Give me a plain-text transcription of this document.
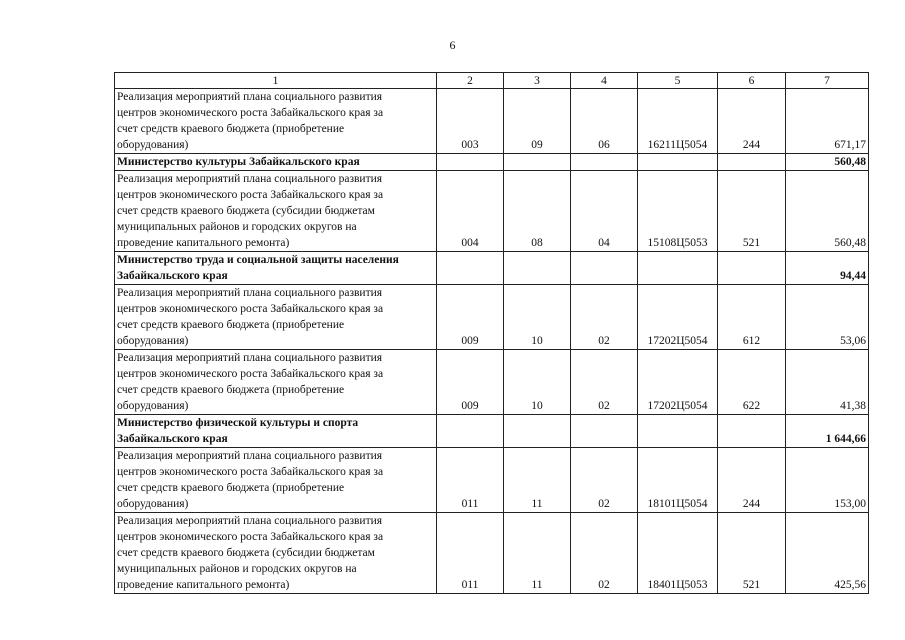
6
1	2	3	4	5	6	7

Реализация мероприятий плана социального развития
центров экономического роста Забайкальского края за
счет средств краевого бюджета (приобретение
оборудования)	003	09	06	16211Ц5054	244	671,17

Министерство культуры Забайкальского края						560,48

Реализация мероприятий плана социального развития
центров экономического роста Забайкальского края за
счет средств краевого бюджета (субсидии бюджетам
муниципальных районов и городских округов на
проведение капитального ремонта)	004	08	04	15108Ц5053	521	560,48

Министерство труда и социальной защиты населения
Забайкальского края						94,44

Реализация мероприятий плана социального развития
центров экономического роста Забайкальского края за
счет средств краевого бюджета (приобретение
оборудования)	009	10	02	17202Ц5054	612	53,06

Реализация мероприятий плана социального развития
центров экономического роста Забайкальского края за
счет средств краевого бюджета (приобретение
оборудования)	009	10	02	17202Ц5054	622	41,38

Министерство физической культуры и спорта
Забайкальского края						1 644,66

Реализация мероприятий плана социального развития
центров экономического роста Забайкальского края за
счет средств краевого бюджета (приобретение
оборудования)	011	11	02	18101Ц5054	244	153,00

Реализация мероприятий плана социального развития
центров экономического роста Забайкальского края за
счет средств краевого бюджета (субсидии бюджетам
муниципальных районов и городских округов на
проведение капитального ремонта)	011	11	02	18401Ц5053	521	425,56
